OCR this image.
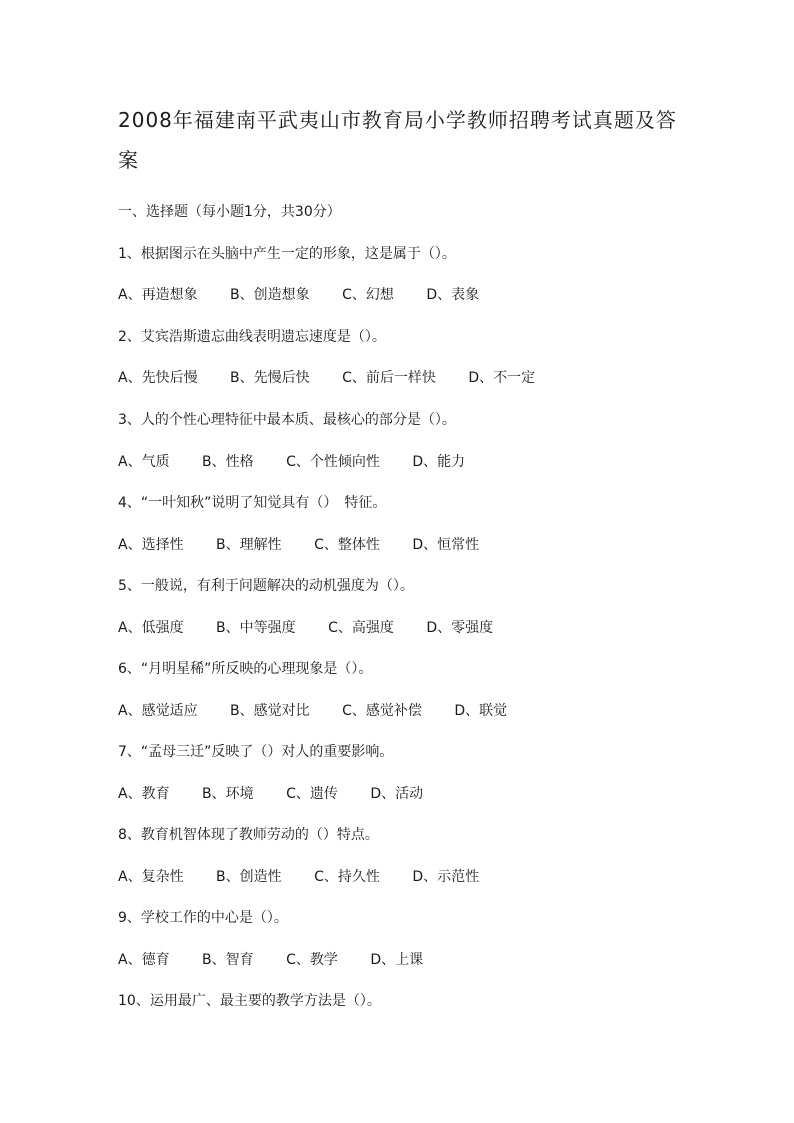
2008年福建南平武夷山市教育局小学教师招聘考试真题及答案

一、选择题（每小题1分，共30分）

1、根据图示在头脑中产生一定的形象，这是属于（）。

A、再造想象 B、创造想象 C、幻想 D、表象

2、艾宾浩斯遗忘曲线表明遗忘速度是（）。

A、先快后慢 B、先慢后快 C、前后一样快 D、不一定

3、人的个性心理特征中最本质、最核心的部分是（）。

A、气质 B、性格 C、个性倾向性 D、能力

4、“一叶知秋”说明了知觉具有（）　特征。

A、选择性 B、理解性 C、整体性 D、恒常性

5、一般说，有利于问题解决的动机强度为（）。

A、低强度 B、中等强度 C、高强度 D、零强度

6、“月明星稀”所反映的心理现象是（）。

A、感觉适应 B、感觉对比 C、感觉补偿 D、联觉

7、“孟母三迁”反映了（）对人的重要影响。

A、教育 B、环境 C、遗传 D、活动

8、教育机智体现了教师劳动的（）特点。

A、复杂性 B、创造性 C、持久性 D、示范性

9、学校工作的中心是（）。

A、德育 B、智育 C、教学 D、上课

10、运用最广、最主要的教学方法是（）。
